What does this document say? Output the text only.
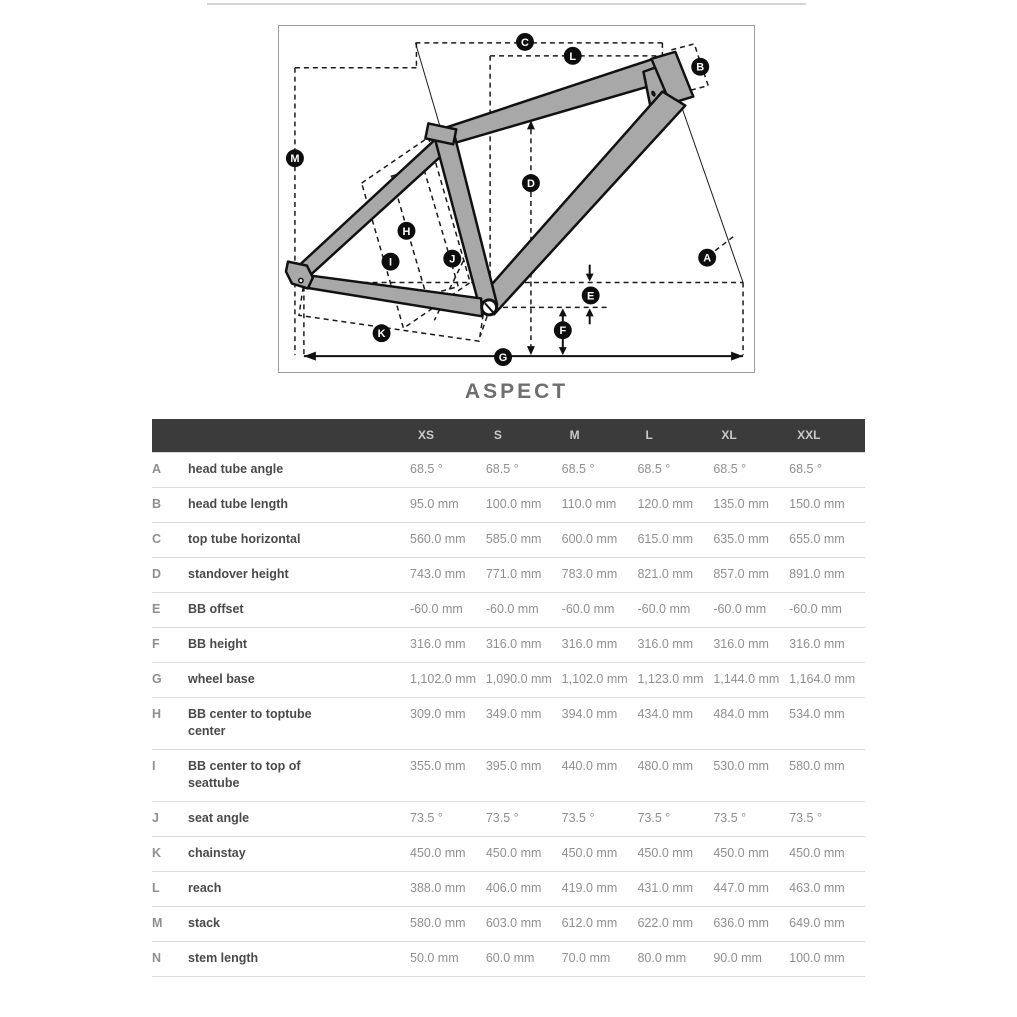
C
L
B
M
D
H
I	J	A
E
F
K
G
ASPECT
		XS	S	M	L	XL	XXL
A	head tube angle	68.5 °	68.5 °	68.5 °	68.5 °	68.5 °	68.5 °
B	head tube length	95.0 mm	100.0 mm	110.0 mm	120.0 mm	135.0 mm	150.0 mm
C	top tube horizontal	560.0 mm	585.0 mm	600.0 mm	615.0 mm	635.0 mm	655.0 mm
D	standover height	743.0 mm	771.0 mm	783.0 mm	821.0 mm	857.0 mm	891.0 mm
E	BB offset	-60.0 mm	-60.0 mm	-60.0 mm	-60.0 mm	-60.0 mm	-60.0 mm
F	BB height	316.0 mm	316.0 mm	316.0 mm	316.0 mm	316.0 mm	316.0 mm
G	wheel base	1,102.0 mm	1,090.0 mm	1,102.0 mm	1,123.0 mm	1,144.0 mm	1,164.0 mm
H	BB center to toptube center	309.0 mm	349.0 mm	394.0 mm	434.0 mm	484.0 mm	534.0 mm
I	BB center to top of seattube	355.0 mm	395.0 mm	440.0 mm	480.0 mm	530.0 mm	580.0 mm
J	seat angle	73.5 °	73.5 °	73.5 °	73.5 °	73.5 °	73.5 °
K	chainstay	450.0 mm	450.0 mm	450.0 mm	450.0 mm	450.0 mm	450.0 mm
L	reach	388.0 mm	406.0 mm	419.0 mm	431.0 mm	447.0 mm	463.0 mm
M	stack	580.0 mm	603.0 mm	612.0 mm	622.0 mm	636.0 mm	649.0 mm
N	stem length	50.0 mm	60.0 mm	70.0 mm	80.0 mm	90.0 mm	100.0 mm
